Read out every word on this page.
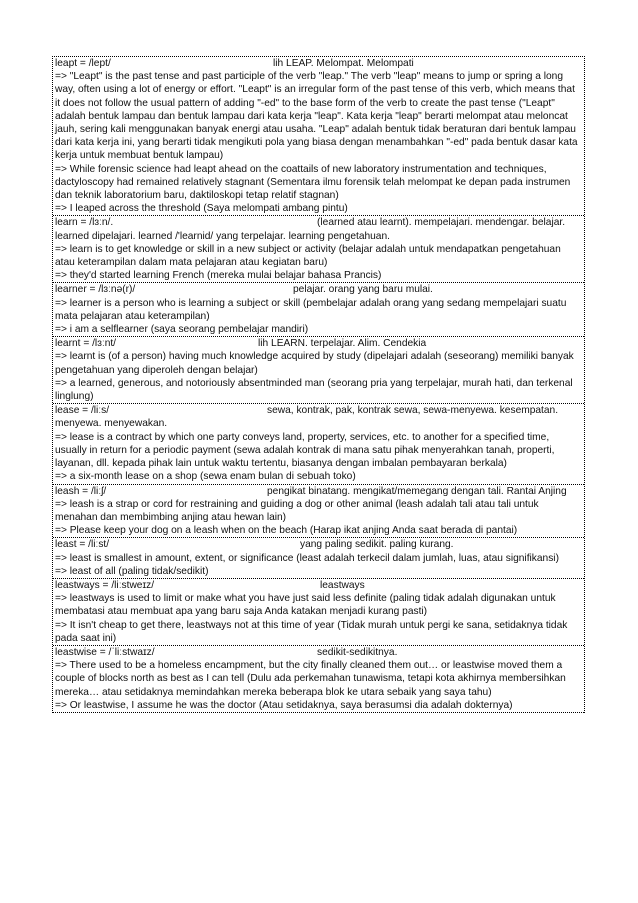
leapt = /lept/	lih LEAP. Melompat. Melompati
=> "Leapt" is the past tense and past participle of the verb "leap." The verb "leap" means to jump or spring a long way, often using a lot of energy or effort. "Leapt" is an irregular form of the past tense of this verb, which means that it does not follow the usual pattern of adding "-ed" to the base form of the verb to create the past tense ("Leapt" adalah bentuk lampau dan bentuk lampau dari kata kerja "leap". Kata kerja "leap" berarti melompat atau meloncat jauh, sering kali menggunakan banyak energi atau usaha. "Leap" adalah bentuk tidak beraturan dari bentuk lampau dari kata kerja ini, yang berarti tidak mengikuti pola yang biasa dengan menambahkan "-ed" pada bentuk dasar kata kerja untuk membuat bentuk lampau)
=> While forensic science had leapt ahead on the coattails of new laboratory instrumentation and techniques, dactyloscopy had remained relatively stagnant (Sementara ilmu forensik telah melompat ke depan pada instrumen dan teknik laboratorium baru, daktiloskopi tetap relatif stagnan)
=> I leaped across the threshold (Saya melompati ambang pintu)
learn = /lɜːn/.	(learned atau learnt). mempelajari. mendengar. belajar. learned dipelajari. learned /'learnid/ yang terpelajar. learning pengetahuan.
=> learn is to get knowledge or skill in a new subject or activity (belajar adalah untuk mendapatkan pengetahuan atau keterampilan dalam mata pelajaran atau kegiatan baru)
=> they'd started learning French (mereka mulai belajar bahasa Prancis)
learner = /lɜːnə(r)/	pelajar. orang yang baru mulai.
=> learner is a person who is learning a subject or skill (pembelajar adalah orang yang sedang mempelajari suatu mata pelajaran atau keterampilan)
=> i am a selflearner (saya seorang pembelajar mandiri)
learnt = /lɜːnt/	lih LEARN. terpelajar. Alim. Cendekia
=> learnt is (of a person) having much knowledge acquired by study (dipelajari adalah (seseorang) memiliki banyak pengetahuan yang diperoleh dengan belajar)
=> a learned, generous, and notoriously absentminded man (seorang pria yang terpelajar, murah hati, dan terkenal linglung)
lease = /liːs/	sewa, kontrak, pak, kontrak sewa, sewa-menyewa. kesempatan. menyewa. menyewakan.
=> lease is a contract by which one party conveys land, property, services, etc. to another for a specified time, usually in return for a periodic payment (sewa adalah kontrak di mana satu pihak menyerahkan tanah, properti, layanan, dll. kepada pihak lain untuk waktu tertentu, biasanya dengan imbalan pembayaran berkala)
=> a six-month lease on a shop (sewa enam bulan di sebuah toko)
leash = /liːʃ/	pengikat binatang. mengikat/memegang dengan tali. Rantai Anjing
=> leash is a strap or cord for restraining and guiding a dog or other animal (leash adalah tali atau tali untuk menahan dan membimbing anjing atau hewan lain)
=> Please keep your dog on a leash when on the beach (Harap ikat anjing Anda saat berada di pantai)
least = /liːst/	yang paling sedikit. paling kurang.
=> least is smallest in amount, extent, or significance (least adalah terkecil dalam jumlah, luas, atau signifikansi)
=> least of all (paling tidak/sedikit)
leastways = /liːstweɪz/	leastways
=> leastways is used to limit or make what you have just said less definite (paling tidak adalah digunakan untuk membatasi atau membuat apa yang baru saja Anda katakan menjadi kurang pasti)
=> It isn't cheap to get there, leastways not at this time of year (Tidak murah untuk pergi ke sana, setidaknya tidak pada saat ini)
leastwise = /ˈliːstwaɪz/	sedikit-sedikitnya.
=> There used to be a homeless encampment, but the city finally cleaned them out… or leastwise moved them a couple of blocks north as best as I can tell (Dulu ada perkemahan tunawisma, tetapi kota akhirnya membersihkan mereka… atau setidaknya memindahkan mereka beberapa blok ke utara sebaik yang saya tahu)
=> Or leastwise, I assume he was the doctor (Atau setidaknya, saya berasumsi dia adalah dokternya)
